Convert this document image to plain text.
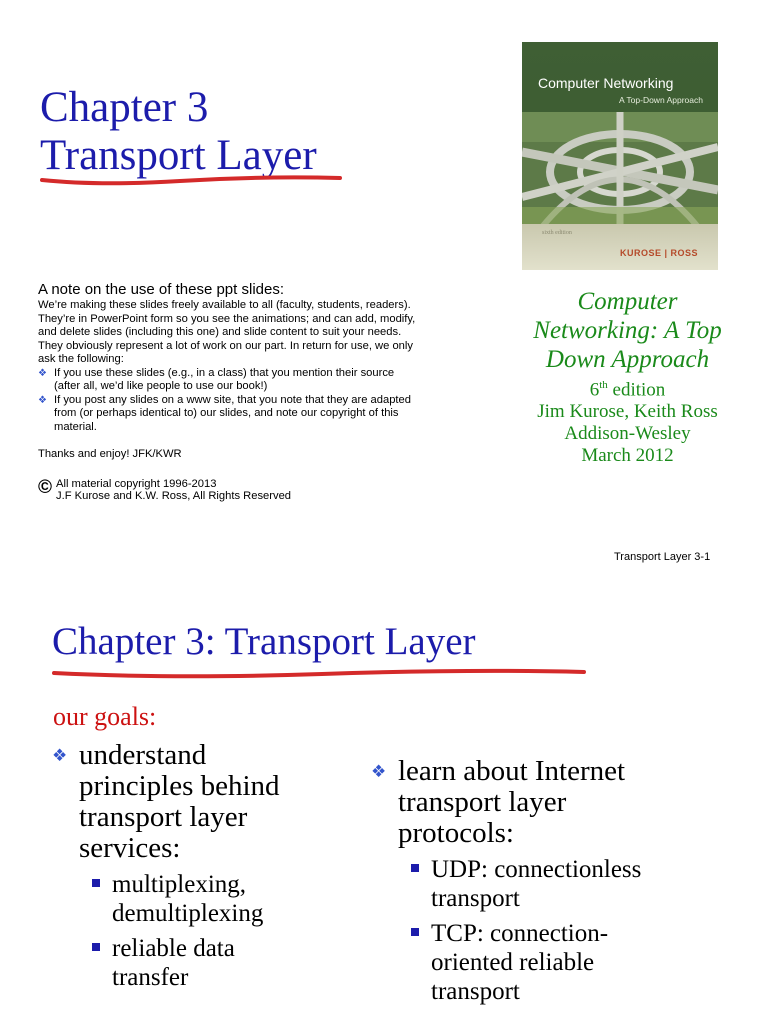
Chapter 3
Transport Layer
Computer Networking
A Top-Down Approach
sixth edition
KUROSE | ROSS
Computer
Networking: A Top
Down Approach
6th edition
Jim Kurose, Keith Ross
Addison-Wesley
March 2012
A note on the use of these ppt slides:
We’re making these slides freely available to all (faculty, students, readers).
They’re in PowerPoint form so you see the animations; and can add, modify,
and delete slides (including this one) and slide content to suit your needs.
They obviously represent a lot of work on our part. In return for use, we only
ask the following:
❖ If you use these slides (e.g., in a class) that you mention their source
(after all, we’d like people to use our book!)
❖ If you post any slides on a www site, that you note that they are adapted
from (or perhaps identical to) our slides, and note our copyright of this
material.
Thanks and enjoy! JFK/KWR
© All material copyright 1996-2013
J.F Kurose and K.W. Ross, All Rights Reserved
Transport Layer 3-1
Chapter 3: Transport Layer
our goals:
❖ understand
principles behind
transport layer
services:
multiplexing,
demultiplexing
reliable data
transfer
❖ learn about Internet
transport layer
protocols:
UDP: connectionless
transport
TCP: connection-
oriented reliable
transport
